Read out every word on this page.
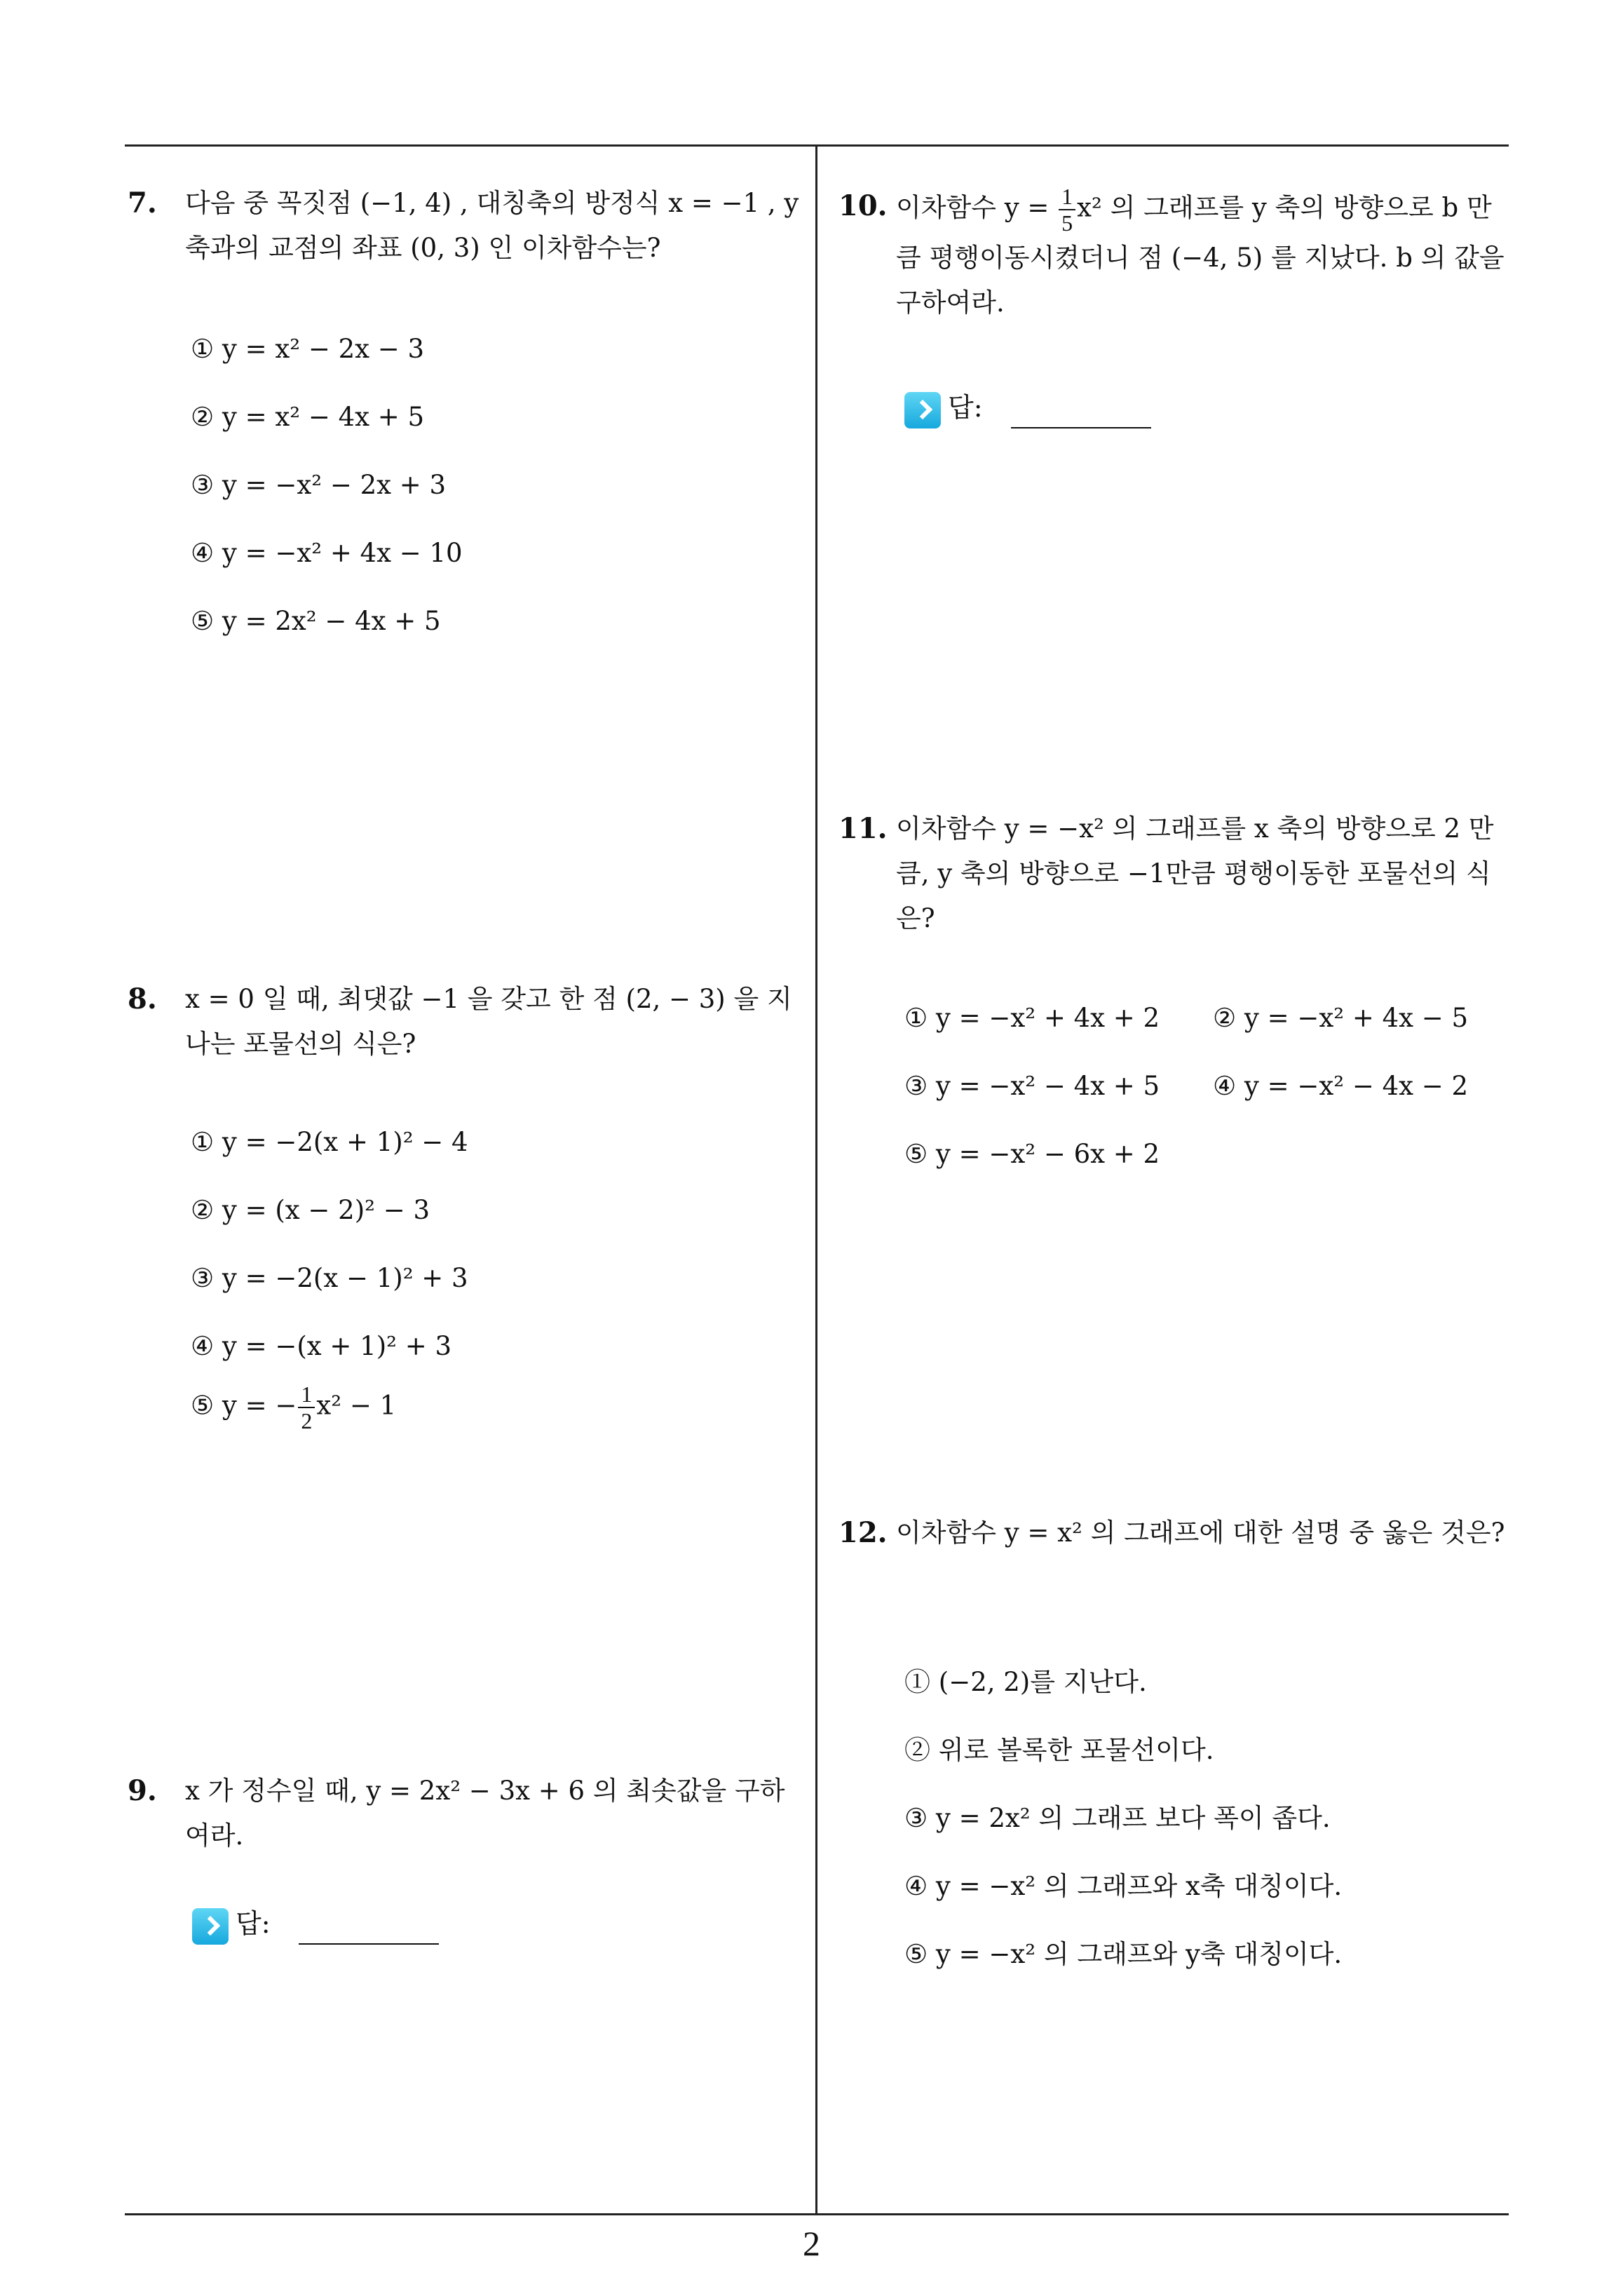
7. 다음 중 꼭짓점 (−1, 4) , 대칭축의 방정식 x = −1 , y 축과의 교점의 좌표 (0, 3) 인 이차함수는?
① y = x² − 2x − 3
② y = x² − 4x + 5
③ y = −x² − 2x + 3
④ y = −x² + 4x − 10
⑤ y = 2x² − 4x + 5
8. x = 0 일 때, 최댓값 −1 을 갖고 한 점 (2, − 3) 을 지나는 포물선의 식은?
① y = −2(x + 1)² − 4
② y = (x − 2)² − 3
③ y = −2(x − 1)² + 3
④ y = −(x + 1)² + 3
⑤ y = − $\frac{1}{2} x^2 - 1$
9. x 가 정수일 때, y = 2x² − 3x + 6 의 최솟값을 구하여라.
답:
10. 이차함수 $y = \frac{1}{5} x^2$ 의 그래프를 y 축의 방향으로 b 만큼 평행이동시켰더니 점 (−4, 5) 를 지났다. b 의 값을 구하여라.
답:
11. 이차함수 y = −x² 의 그래프를 x 축의 방향으로 2 만큼, y 축의 방향으로 −1만큼 평행이동한 포물선의 식은?
① y = −x² + 4x + 2 ② y = −x² + 4x − 5
③ y = −x² − 4x + 5 ④ y = −x² − 4x − 2
⑤ y = −x² − 6x + 2
12. 이차함수 y = x² 의 그래프에 대한 설명 중 옳은 것은?
① (−2, 2)를 지난다.
② 위로 볼록한 포물선이다.
③ y = 2x² 의 그래프 보다 폭이 좁다.
④ y = −x² 의 그래프와 x축 대칭이다.
⑤ y = −x² 의 그래프와 y축 대칭이다.
2
